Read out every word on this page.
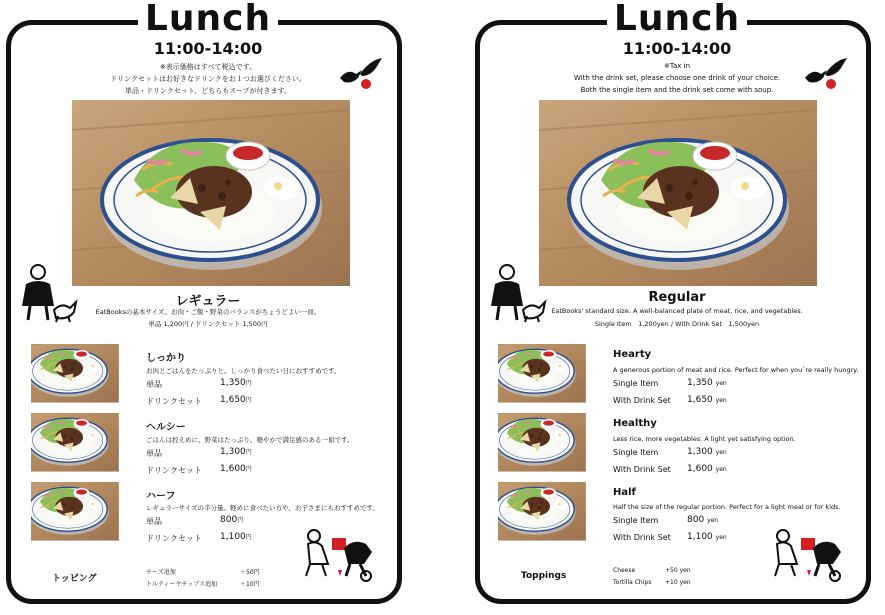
Lunch
11:00-14:00
※表示価格はすべて税込です。
ドリンクセットはお好きなドリンクをお１つお選びください。
単品・ドリンクセット、どちらもスープが付きます。
レギュラー
EatBooksの基本サイズ。お肉・ご飯・野菜のバランスがちょうどよい一皿。
単品 1,200円 / ドリンクセット 1,500円
しっかり
お肉とごはんをたっぷりと。しっかり食べたい日におすすめです。
単品	1,350円
ドリンクセット 1,650円
ヘルシー
ごはんは控えめに、野菜はたっぷり。軽やかで満足感のある一皿です。
単品	1,300円
ドリンクセット 1,600円
ハーフ
レギュラーサイズの半分量。軽めに食べたい方や、お子さまにもおすすめです。
単品	800円
ドリンクセット 1,100円
トッピング
チーズ追加	＋50円
トルティーヤチップス追加	＋10円
Lunch
11:00-14:00
※Tax in
With the drink set, please choose one drink of your choice.
Both the single item and the drink set come with soup.
Regular
EatBooks' standard size. A well-balanced plate of meat, rice, and vegetables.
Single Item　1,200yen / With Drink Set　1,500yen
Hearty
A generous portion of meat and rice. Perfect for when you`re really hungry.
Single Item	1,350 yen
With Drink Set 1,650 yen
Healthy
Less rice, more vegetables. A light yet satisfying option.
Single Item	1,300 yen
With Drink Set 1,600 yen
Half
Half the size of the regular portion. Perfect for a light meal or for kids.
Single Item	800 yen
With Drink Set 1,100 yen
Toppings
Cheese	+50 yen
Tortilla Chips +10 yen
